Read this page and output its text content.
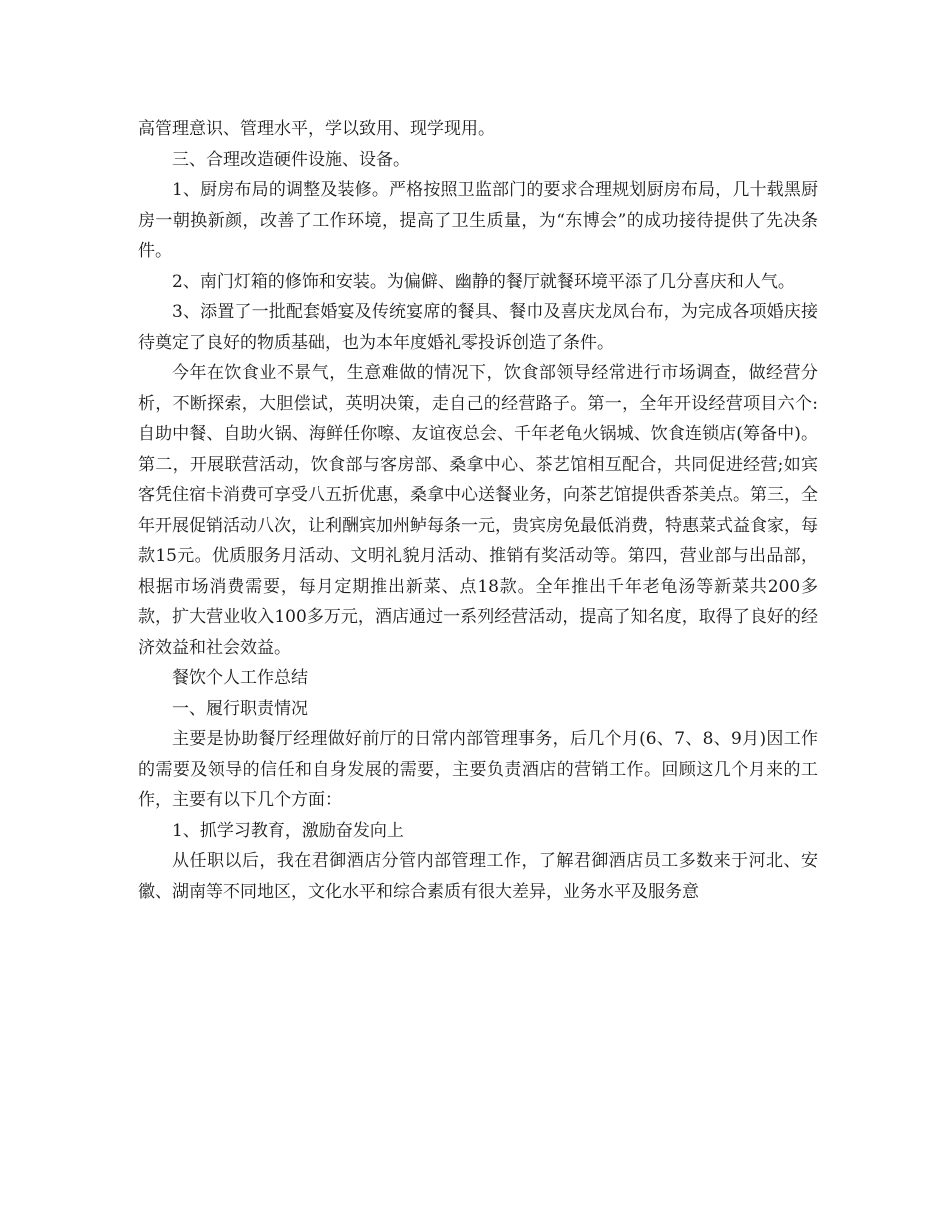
高管理意识、管理水平，学以致用、现学现用。

三、合理改造硬件设施、设备。

1、厨房布局的调整及装修。严格按照卫监部门的要求合理规划厨房布局，几十载黑厨房一朝换新颜，改善了工作环境，提高了卫生质量，为“东博会”的成功接待提供了先决条件。

2、南门灯箱的修饰和安装。为偏僻、幽静的餐厅就餐环境平添了几分喜庆和人气。

3、添置了一批配套婚宴及传统宴席的餐具、餐巾及喜庆龙凤台布，为完成各项婚庆接待奠定了良好的物质基础，也为本年度婚礼零投诉创造了条件。

今年在饮食业不景气，生意难做的情况下，饮食部领导经常进行市场调查，做经营分析，不断探索，大胆偿试，英明决策，走自己的经营路子。第一，全年开设经营项目六个:自助中餐、自助火锅、海鲜任你嚓、友谊夜总会、千年老龟火锅城、饮食连锁店(筹备中)。第二，开展联营活动，饮食部与客房部、桑拿中心、茶艺馆相互配合，共同促进经营;如宾客凭住宿卡消费可享受八五折优惠，桑拿中心送餐业务，向茶艺馆提供香茶美点。第三，全年开展促销活动八次，让利酬宾加州鲈每条一元，贵宾房免最低消费，特惠菜式益食家，每款15元。优质服务月活动、文明礼貌月活动、推销有奖活动等。第四，营业部与出品部，根据市场消费需要，每月定期推出新菜、点18款。全年推出千年老龟汤等新菜共200多款，扩大营业收入100多万元，酒店通过一系列经营活动，提高了知名度，取得了良好的经济效益和社会效益。

餐饮个人工作总结

一、履行职责情况

主要是协助餐厅经理做好前厅的日常内部管理事务，后几个月(6、7、8、9月)因工作的需要及领导的信任和自身发展的需要，主要负责酒店的营销工作。回顾这几个月来的工作，主要有以下几个方面：

1、抓学习教育，激励奋发向上

从任职以后，我在君御酒店分管内部管理工作，了解君御酒店员工多数来于河北、安徽、湖南等不同地区，文化水平和综合素质有很大差异，业务水平及服务意
